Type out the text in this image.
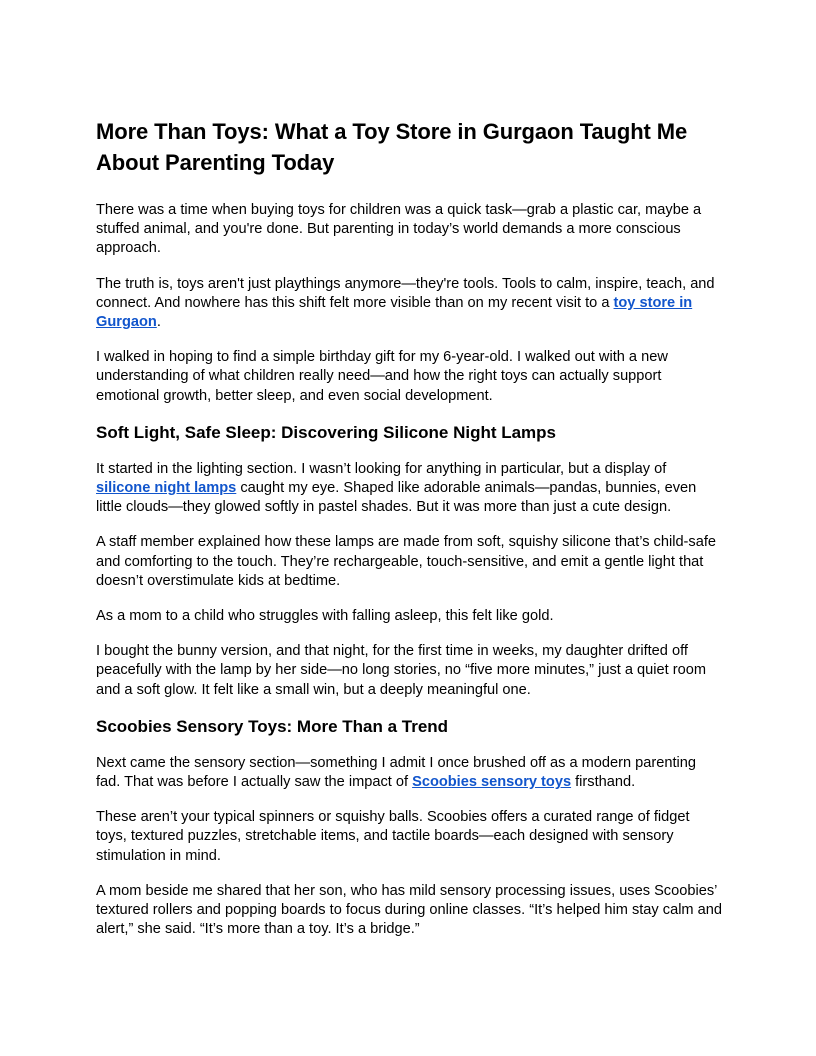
More Than Toys: What a Toy Store in Gurgaon Taught Me About Parenting Today

There was a time when buying toys for children was a quick task—grab a plastic car, maybe a stuffed animal, and you're done. But parenting in today’s world demands a more conscious approach.

The truth is, toys aren't just playthings anymore—they're tools. Tools to calm, inspire, teach, and connect. And nowhere has this shift felt more visible than on my recent visit to a toy store in Gurgaon.

I walked in hoping to find a simple birthday gift for my 6-year-old. I walked out with a new understanding of what children really need—and how the right toys can actually support emotional growth, better sleep, and even social development.

Soft Light, Safe Sleep: Discovering Silicone Night Lamps

It started in the lighting section. I wasn’t looking for anything in particular, but a display of silicone night lamps caught my eye. Shaped like adorable animals—pandas, bunnies, even little clouds—they glowed softly in pastel shades. But it was more than just a cute design.

A staff member explained how these lamps are made from soft, squishy silicone that’s child-safe and comforting to the touch. They’re rechargeable, touch-sensitive, and emit a gentle light that doesn’t overstimulate kids at bedtime.

As a mom to a child who struggles with falling asleep, this felt like gold.

I bought the bunny version, and that night, for the first time in weeks, my daughter drifted off peacefully with the lamp by her side—no long stories, no “five more minutes,” just a quiet room and a soft glow. It felt like a small win, but a deeply meaningful one.

Scoobies Sensory Toys: More Than a Trend

Next came the sensory section—something I admit I once brushed off as a modern parenting fad. That was before I actually saw the impact of Scoobies sensory toys firsthand.

These aren’t your typical spinners or squishy balls. Scoobies offers a curated range of fidget toys, textured puzzles, stretchable items, and tactile boards—each designed with sensory stimulation in mind.

A mom beside me shared that her son, who has mild sensory processing issues, uses Scoobies’ textured rollers and popping boards to focus during online classes. “It’s helped him stay calm and alert,” she said. “It’s more than a toy. It’s a bridge.”
